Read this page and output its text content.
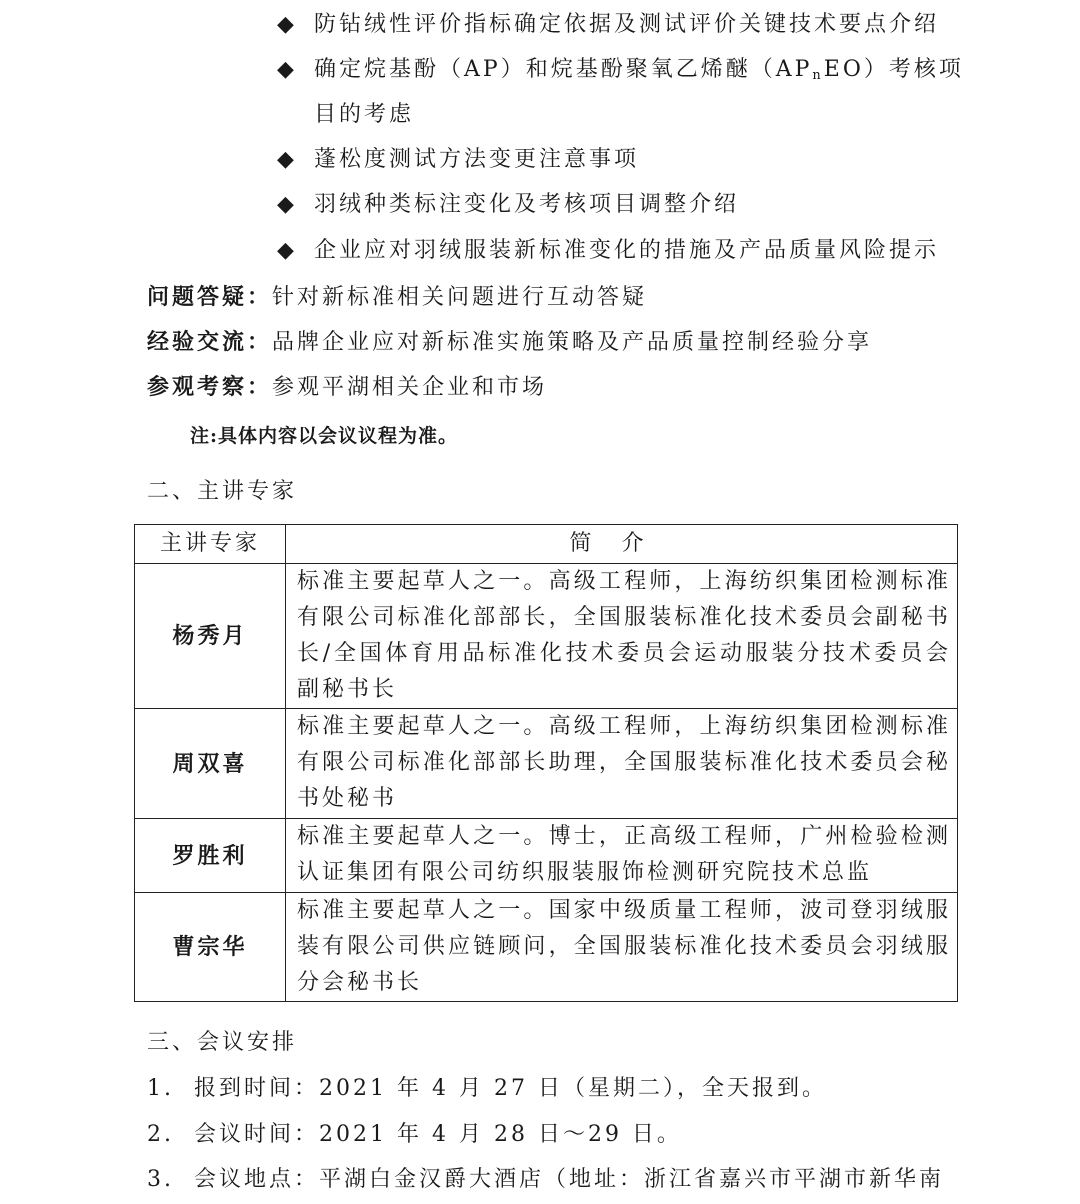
◆ 防钻绒性评价指标确定依据及测试评价关键技术要点介绍
◆ 确定烷基酚（AP）和烷基酚聚氧乙烯醚$(AP_nEO)$考核项
目的考虑
◆ 蓬松度测试方法变更注意事项
◆ 羽绒种类标注变化及考核项目调整介绍
◆ 企业应对羽绒服装新标准变化的措施及产品质量风险提示
问题答疑：针对新标准相关问题进行互动答疑
经验交流：品牌企业应对新标准实施策略及产品质量控制经验分享
参观考察：参观平湖相关企业和市场
注:具体内容以会议议程为准。
二、主讲专家
主讲专家	简介
杨秀月	标准主要起草人之一。高级工程师，上海纺织集团检测标准有限公司标准化部部长，全国服装标准化技术委员会副秘书长/全国体育用品标准化技术委员会运动服装分技术委员会副秘书长

周双喜	标准主要起草人之一。高级工程师，上海纺织集团检测标准有限公司标准化部部长助理，全国服装标准化技术委员会秘书处秘书

罗胜利	标准主要起草人之一。博士，正高级工程师，广州检验检测认证集团有限公司纺织服装服饰检测研究院技术总监

曹宗华	标准主要起草人之一。国家中级质量工程师，波司登羽绒服装有限公司供应链顾问，全国服装标准化技术委员会羽绒服分会秘书长
三、会议安排
1. 报到时间：2021 年 4 月 27 日（星期二），全天报到。
2. 会议时间：2021 年 4 月 28 日～29 日。
3. 会议地点：平湖白金汉爵大酒店（地址：浙江省嘉兴市平湖市新华南
